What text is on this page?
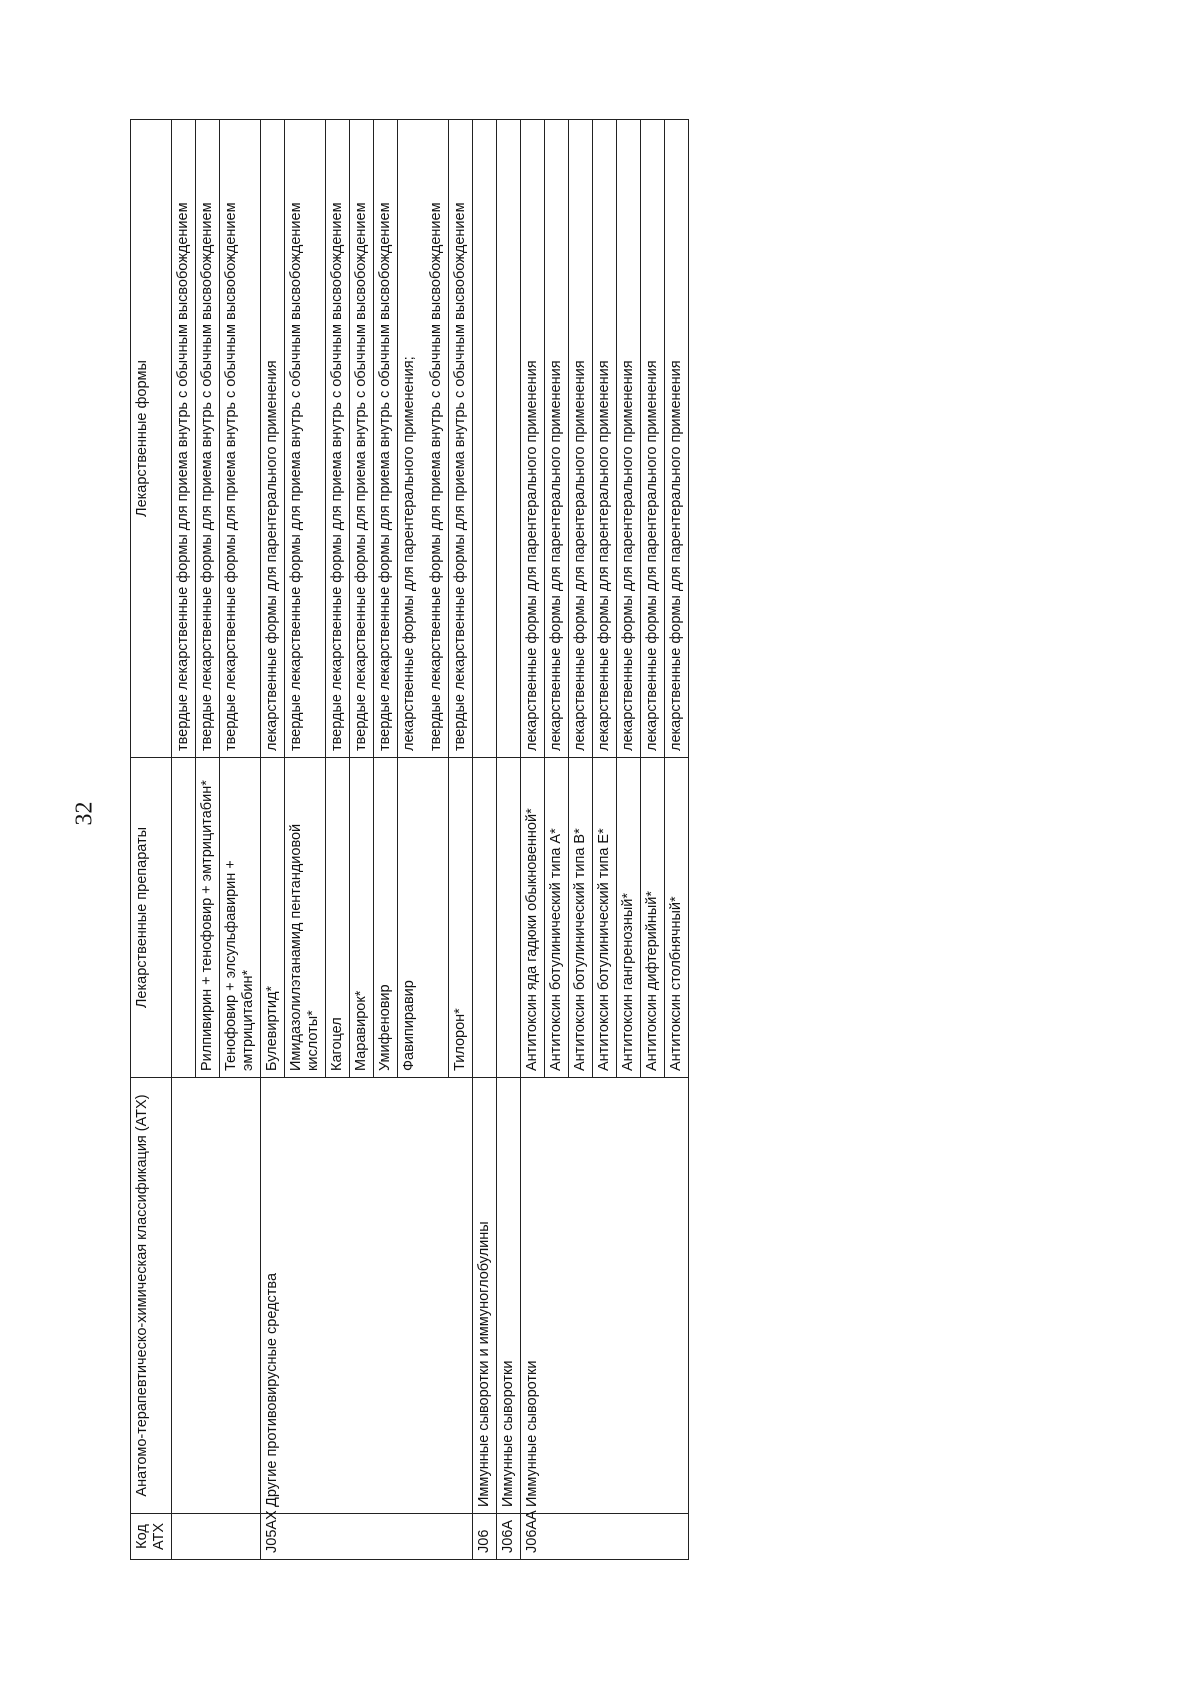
32
Код АТХ	Анатомо-терапевтическо-химическая классификация (АТХ)	Лекарственные препараты	Лекарственные формы

			твердые лекарственные формы для приема внутрь с обычным высвобождением

		Рилпивирин + тенофовир + эмтрицитабин*	твердые лекарственные формы для приема внутрь с обычным высвобождением

		Тенофовир + элсульфавирин + эмтрицитабин*	твердые лекарственные формы для приема внутрь с обычным высвобождением

J05AX	Другие противовирусные средства	Булевиртид*	лекарственные формы для парентерального применения

		Имидазолилэтанамид пентандиовой кислоты*	твердые лекарственные формы для приема внутрь с обычным высвобождением

		Кагоцел	твердые лекарственные формы для приема внутрь с обычным высвобождением

		Маравирок*	твердые лекарственные формы для приема внутрь с обычным высвобождением

		Умифеновир	твердые лекарственные формы для приема внутрь с обычным высвобождением

		Фавипиравир	лекарственные формы для парентерального применения; твердые лекарственные формы для приема внутрь с обычным высвобождением

		Тилорон*	твердые лекарственные формы для приема внутрь с обычным высвобождением

J06	Иммунные сыворотки и иммуноглобулины		

J06A	Иммунные сыворотки		

J06AA	Иммунные сыворотки	Антитоксин яда гадюки обыкновенной*	лекарственные формы для парентерального применения

		Антитоксин ботулинический типа А*	лекарственные формы для парентерального применения

		Антитоксин ботулинический типа В*	лекарственные формы для парентерального применения

		Антитоксин ботулинический типа Е*	лекарственные формы для парентерального применения

		Антитоксин гангренозный*	лекарственные формы для парентерального применения

		Антитоксин дифтерийный*	лекарственные формы для парентерального применения

		Антитоксин столбнячный*	лекарственные формы для парентерального применения
